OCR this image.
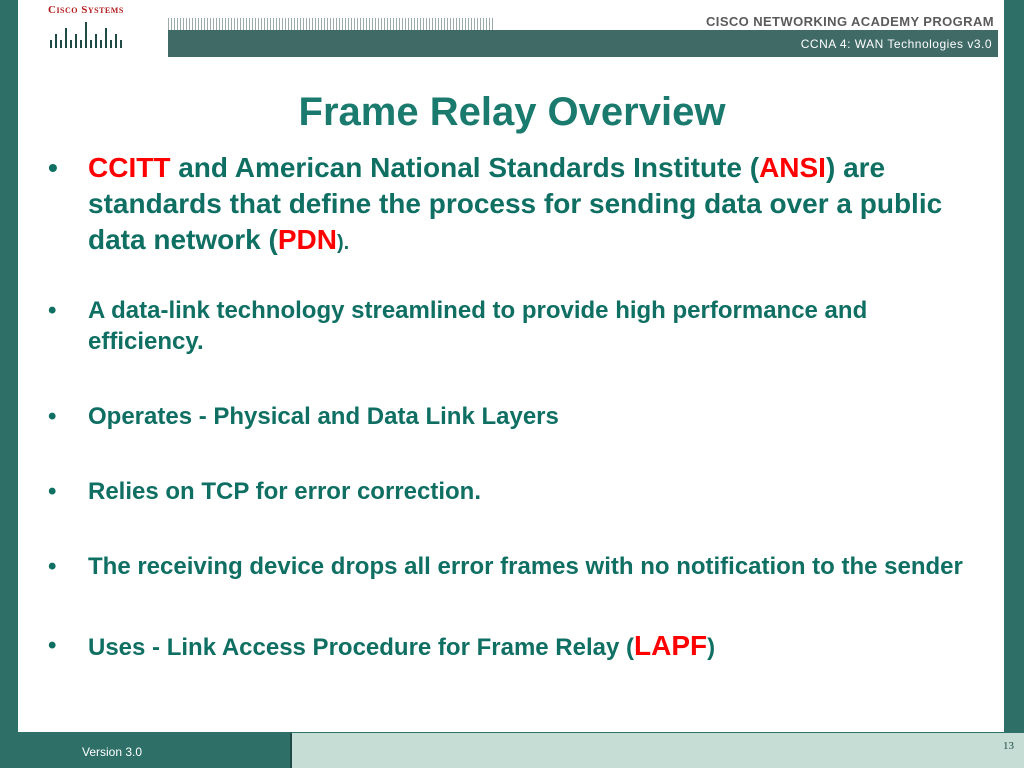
Cisco Systems
CISCO NETWORKING ACADEMY PROGRAM
CCNA 4: WAN Technologies v3.0
Frame Relay Overview
• CCITT and American National Standards Institute (ANSI) are standards that define the process for sending data over a public data network (PDN).
• A data-link technology streamlined to provide high performance and efficiency.
• Operates - Physical and Data Link Layers
• Relies on TCP for error correction.
• The receiving device drops all error frames with no notification to the sender
• Uses - Link Access Procedure for Frame Relay (LAPF)
Version 3.0	13
